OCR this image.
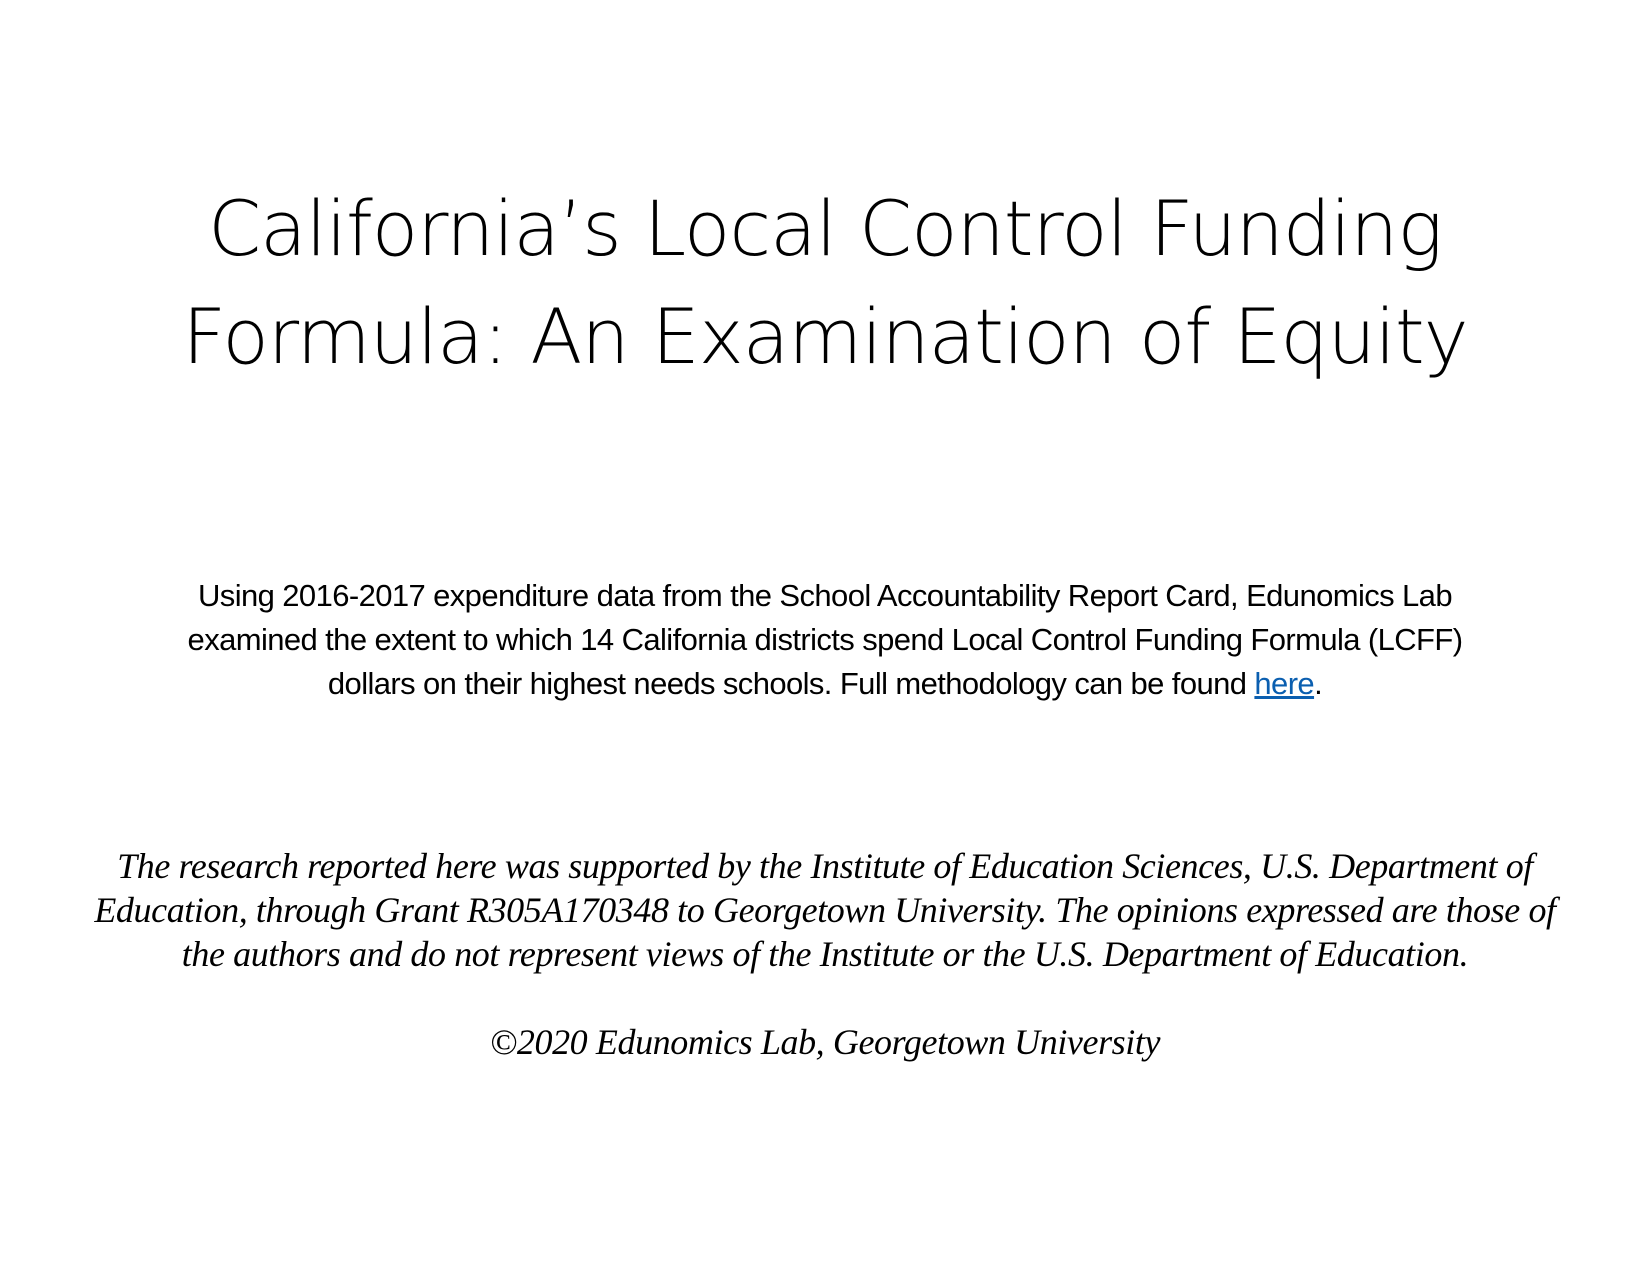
California’s Local Control Funding
Formula: An Examination of Equity
Using 2016-2017 expenditure data from the School Accountability Report Card, Edunomics Lab
examined the extent to which 14 California districts spend Local Control Funding Formula (LCFF)
dollars on their highest needs schools. Full methodology can be found here.
The research reported here was supported by the Institute of Education Sciences, U.S. Department of
Education, through Grant R305A170348 to Georgetown University. The opinions expressed are those of
the authors and do not represent views of the Institute or the U.S. Department of Education.
©2020 Edunomics Lab, Georgetown University
